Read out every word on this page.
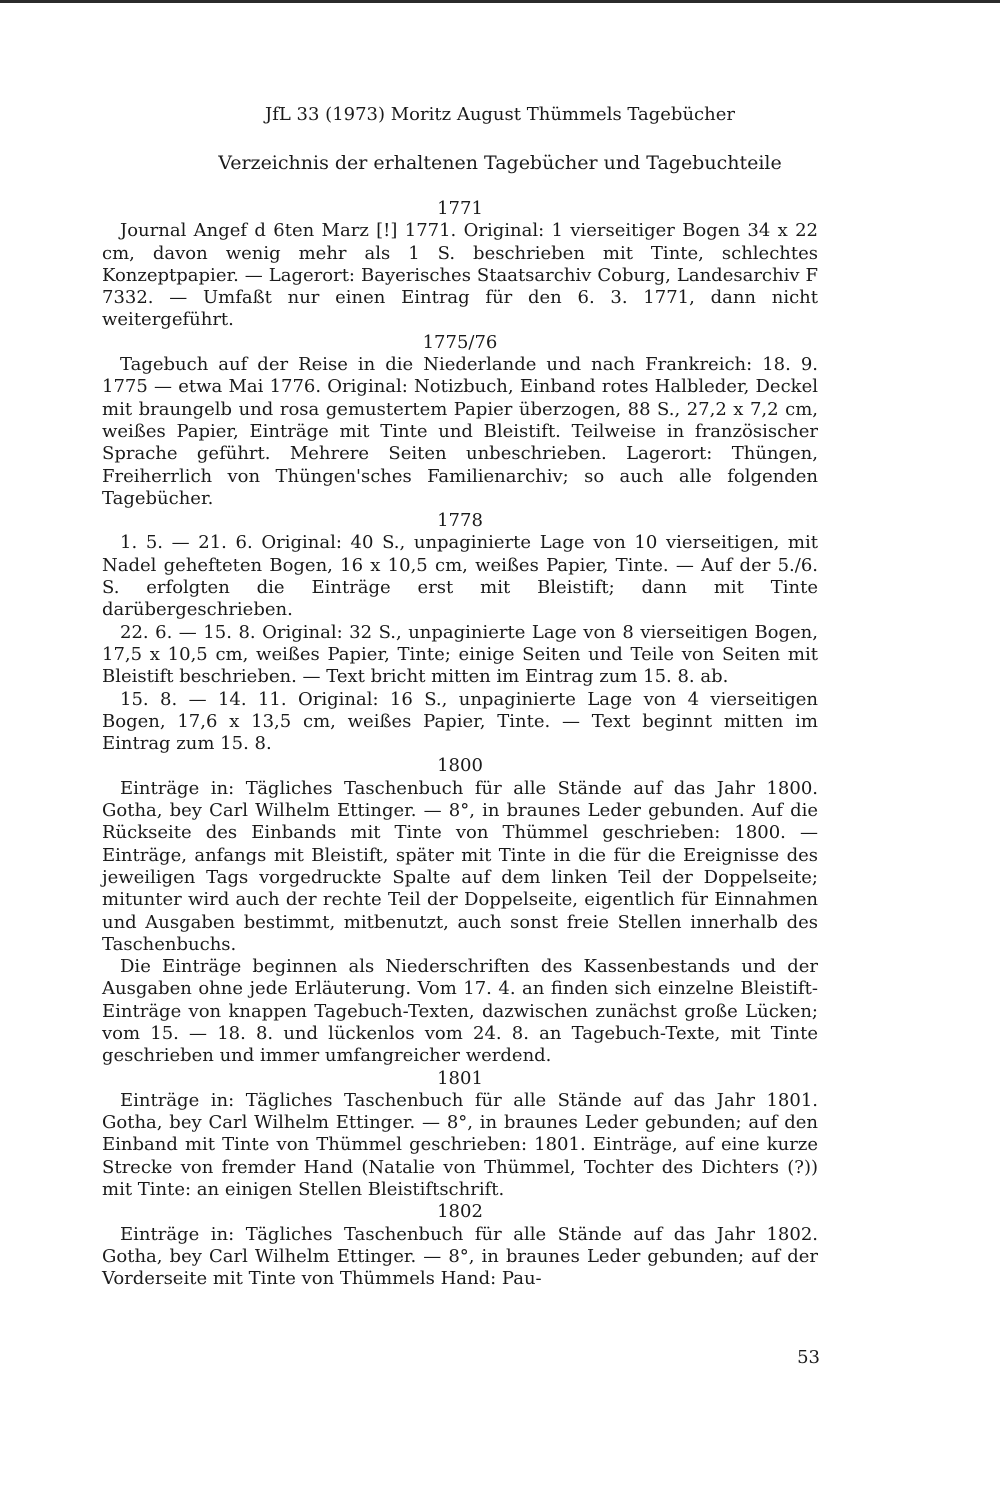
JfL 33 (1973) Moritz August Thümmels Tagebücher
Verzeichnis der erhaltenen Tagebücher und Tagebuchteile
1771

Journal Angef d 6ten Marz [!] 1771. Original: 1 vierseitiger Bogen 34 x 22 cm, davon wenig mehr als 1 S. beschrieben mit Tinte, schlechtes Konzeptpapier. — Lagerort: Bayerisches Staatsarchiv Coburg, Landesarchiv F 7332. — Umfaßt nur einen Eintrag für den 6. 3. 1771, dann nicht weitergeführt.

1775/76

Tagebuch auf der Reise in die Niederlande und nach Frankreich: 18. 9. 1775 — etwa Mai 1776. Original: Notizbuch, Einband rotes Halbleder, Deckel mit braungelb und rosa gemustertem Papier überzogen, 88 S., 27,2 x 7,2 cm, weißes Papier, Einträge mit Tinte und Bleistift. Teilweise in französischer Sprache geführt. Mehrere Seiten unbeschrieben. Lagerort: Thüngen, Freiherrlich von Thüngen'sches Familienarchiv; so auch alle folgenden Tagebücher.

1778

1. 5. — 21. 6. Original: 40 S., unpaginierte Lage von 10 vierseitigen, mit Nadel gehefteten Bogen, 16 x 10,5 cm, weißes Papier, Tinte. — Auf der 5./6. S. erfolgten die Einträge erst mit Bleistift; dann mit Tinte darübergeschrieben.

22. 6. — 15. 8. Original: 32 S., unpaginierte Lage von 8 vierseitigen Bogen, 17,5 x 10,5 cm, weißes Papier, Tinte; einige Seiten und Teile von Seiten mit Bleistift beschrieben. — Text bricht mitten im Eintrag zum 15. 8. ab.

15. 8. — 14. 11. Original: 16 S., unpaginierte Lage von 4 vierseitigen Bogen, 17,6 x 13,5 cm, weißes Papier, Tinte. — Text beginnt mitten im Eintrag zum 15. 8.

1800

Einträge in: Tägliches Taschenbuch für alle Stände auf das Jahr 1800. Gotha, bey Carl Wilhelm Ettinger. — 8°, in braunes Leder gebunden. Auf die Rückseite des Einbands mit Tinte von Thümmel geschrieben: 1800. — Einträge, anfangs mit Bleistift, später mit Tinte in die für die Ereignisse des jeweiligen Tags vorgedruckte Spalte auf dem linken Teil der Doppelseite; mitunter wird auch der rechte Teil der Doppelseite, eigentlich für Einnahmen und Ausgaben bestimmt, mitbenutzt, auch sonst freie Stellen innerhalb des Taschenbuchs.

Die Einträge beginnen als Niederschriften des Kassenbestands und der Ausgaben ohne jede Erläuterung. Vom 17. 4. an finden sich einzelne Bleistift-Einträge von knappen Tagebuch-Texten, dazwischen zunächst große Lücken; vom 15. — 18. 8. und lückenlos vom 24. 8. an Tagebuch-Texte, mit Tinte geschrieben und immer umfangreicher werdend.

1801

Einträge in: Tägliches Taschenbuch für alle Stände auf das Jahr 1801. Gotha, bey Carl Wilhelm Ettinger. — 8°, in braunes Leder gebunden; auf den Einband mit Tinte von Thümmel geschrieben: 1801. Einträge, auf eine kurze Strecke von fremder Hand (Natalie von Thümmel, Tochter des Dichters (?)) mit Tinte: an einigen Stellen Bleistiftschrift.

1802

Einträge in: Tägliches Taschenbuch für alle Stände auf das Jahr 1802. Gotha, bey Carl Wilhelm Ettinger. — 8°, in braunes Leder gebunden; auf der Vorderseite mit Tinte von Thümmels Hand: Pau-

53
